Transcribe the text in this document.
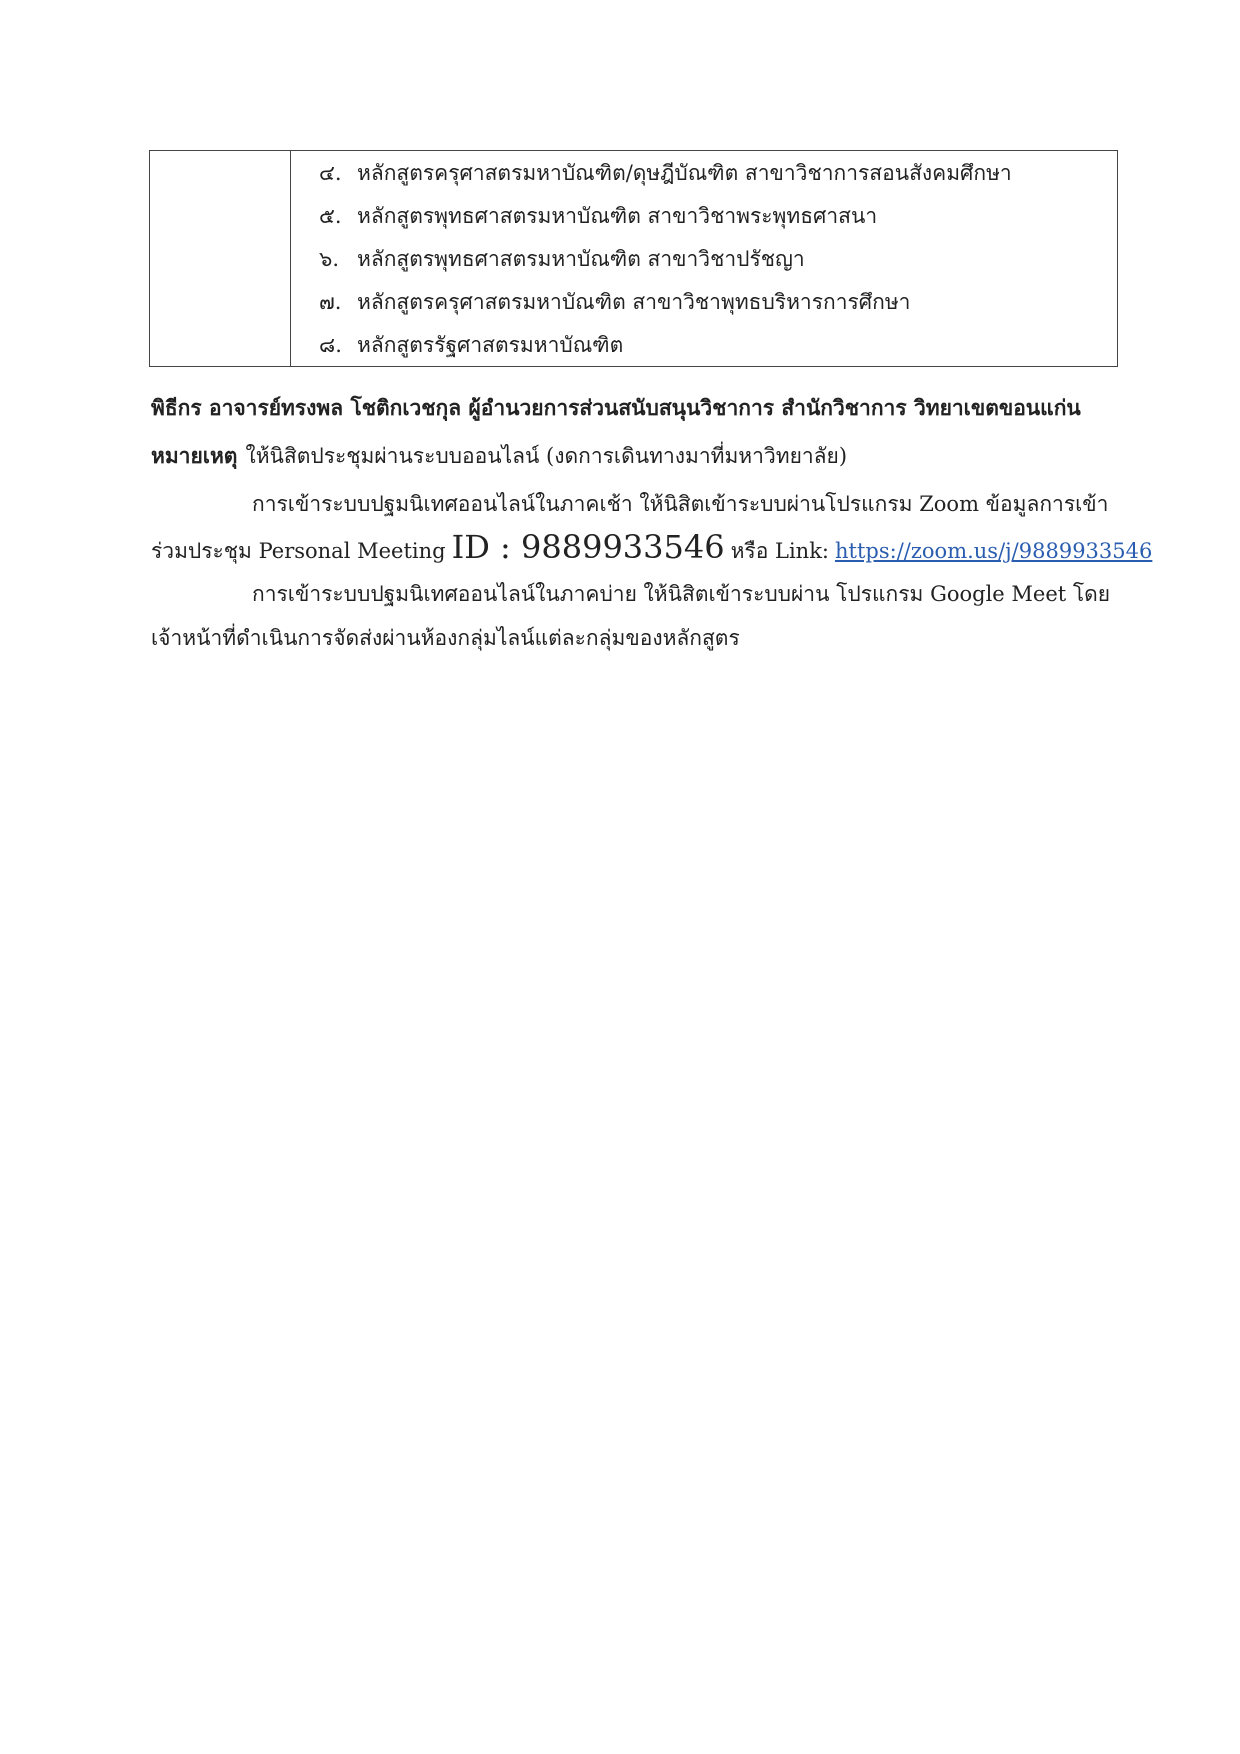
๔. หลักสูตรครุศาสตรมหาบัณฑิต/ดุษฎีบัณฑิต สาขาวิชาการสอนสังคมศึกษา
๕. หลักสูตรพุทธศาสตรมหาบัณฑิต สาขาวิชาพระพุทธศาสนา
๖. หลักสูตรพุทธศาสตรมหาบัณฑิต สาขาวิชาปรัชญา
๗. หลักสูตรครุศาสตรมหาบัณฑิต สาขาวิชาพุทธบริหารการศึกษา
๘. หลักสูตรรัฐศาสตรมหาบัณฑิต
พิธีกร อาจารย์ทรงพล โชติกเวชกุล ผู้อำนวยการส่วนสนับสนุนวิชาการ สำนักวิชาการ วิทยาเขตขอนแก่น
หมายเหตุ ให้นิสิตประชุมผ่านระบบออนไลน์ (งดการเดินทางมาที่มหาวิทยาลัย)
การเข้าระบบปฐมนิเทศออนไลน์ในภาคเช้า ให้นิสิตเข้าระบบผ่านโปรแกรม Zoom ข้อมูลการเข้า
ร่วมประชุม Personal Meeting ID : 9889933546 หรือ Link: https://zoom.us/j/9889933546
การเข้าระบบปฐมนิเทศออนไลน์ในภาคบ่าย ให้นิสิตเข้าระบบผ่าน โปรแกรม Google Meet โดย
เจ้าหน้าที่ดำเนินการจัดส่งผ่านห้องกลุ่มไลน์แต่ละกลุ่มของหลักสูตร
